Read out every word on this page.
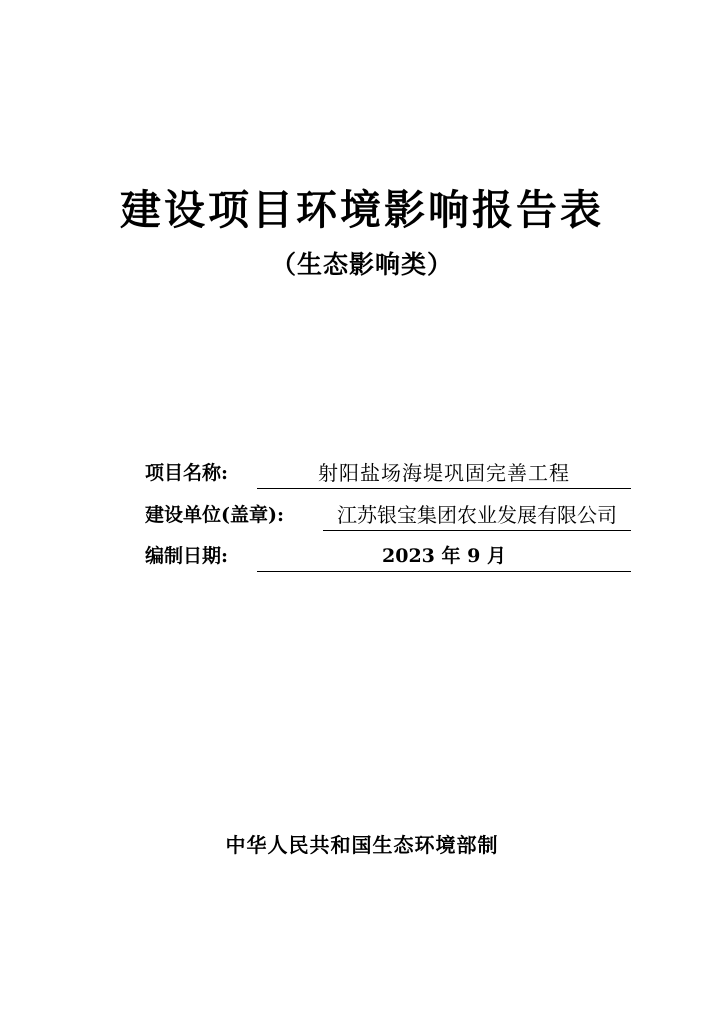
建设项目环境影响报告表
（生态影响类）
项目名称:	射阳盐场海堤巩固完善工程
建设单位(盖章):	江苏银宝集团农业发展有限公司
编制日期:	2023 年 9 月
中华人民共和国生态环境部制
